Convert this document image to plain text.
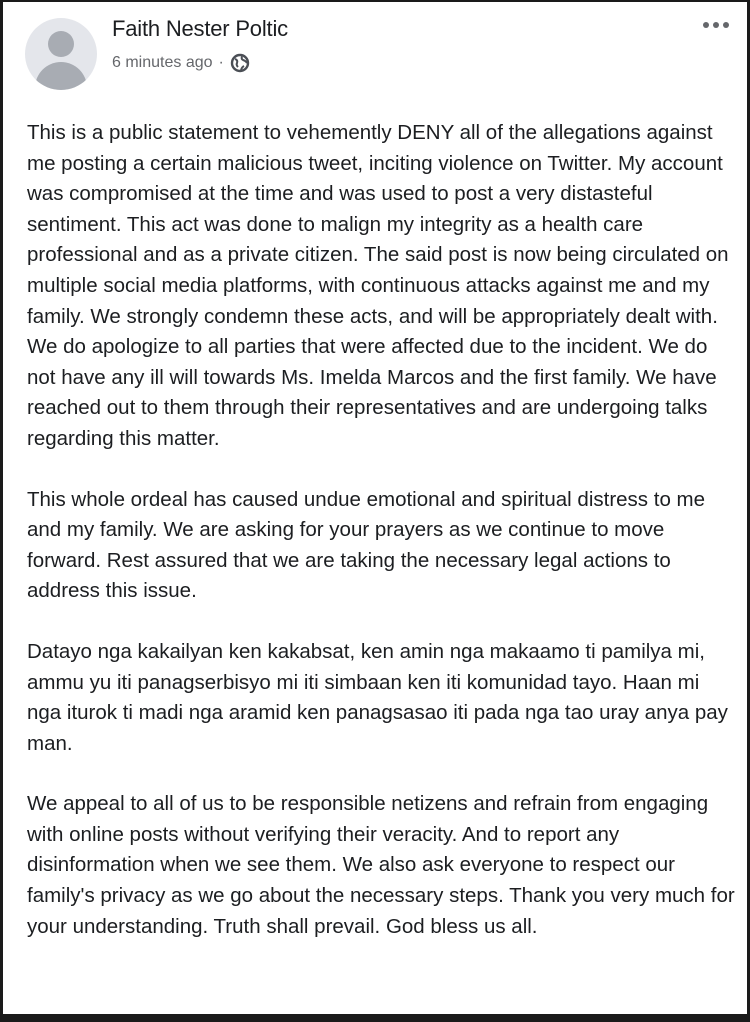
Faith Nester Poltic
6 minutes ago ·

This is a public statement to vehemently DENY all of the allegations against me posting a certain malicious tweet, inciting violence on Twitter. My account was compromised at the time and was used to post a very distasteful sentiment. This act was done to malign my integrity as a health care professional and as a private citizen. The said post is now being circulated on multiple social media platforms, with continuous attacks against me and my family. We strongly condemn these acts, and will be appropriately dealt with. We do apologize to all parties that were affected due to the incident. We do not have any ill will towards Ms. Imelda Marcos and the first family. We have reached out to them through their representatives and are undergoing talks regarding this matter.

This whole ordeal has caused undue emotional and spiritual distress to me and my family. We are asking for your prayers as we continue to move forward. Rest assured that we are taking the necessary legal actions to address this issue.

Datayo nga kakailyan ken kakabsat, ken amin nga makaamo ti pamilya mi, ammu yu iti panagserbisyo mi iti simbaan ken iti komunidad tayo. Haan mi nga iturok ti madi nga aramid ken panagsasao iti pada nga tao uray anya pay man.

We appeal to all of us to be responsible netizens and refrain from engaging with online posts without verifying their veracity. And to report any disinformation when we see them. We also ask everyone to respect our family's privacy as we go about the necessary steps. Thank you very much for your understanding. Truth shall prevail. God bless us all.
